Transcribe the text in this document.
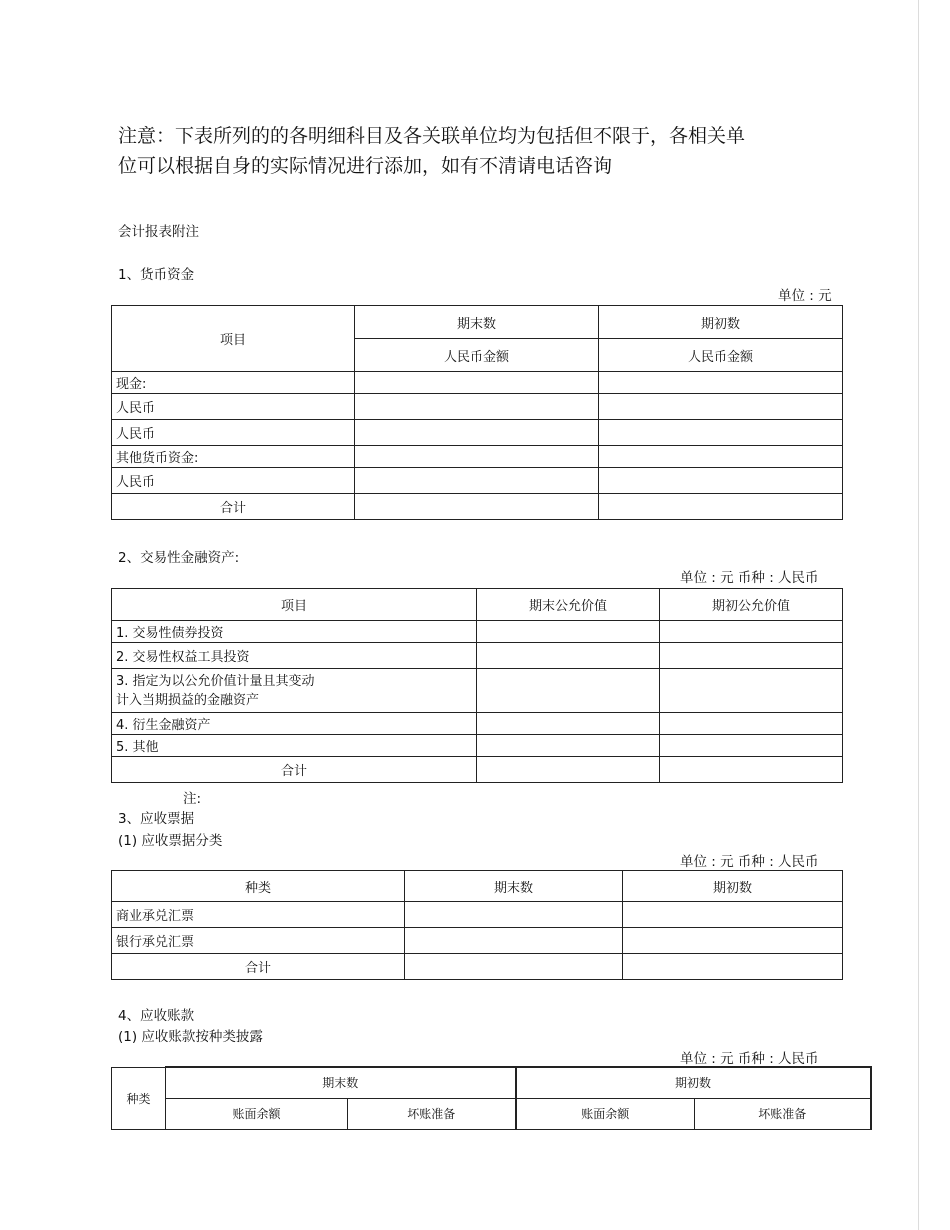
注意：下表所列的的各明细科目及各关联单位均为包括但不限于，各相关单
位可以根据自身的实际情况进行添加，如有不清请电话咨询
会计报表附注
1、货币资金
单位 : 元
项目	期末数	期初数
	人民币金额	人民币金额
现金:		
人民币		
人民币		
其他货币资金:		
人民币		
合计		
2、交易性金融资产:
单位 : 元 币种 : 人民币
项目	期末公允价值	期初公允价值
1. 交易性债券投资		
2. 交易性权益工具投资		
3. 指定为以公允价值计量且其变动计入当期损益的金融资产		
4. 衍生金融资产		
5. 其他		
合计		
注:
3、应收票据
(1) 应收票据分类
单位 : 元 币种 : 人民币
种类	期末数	期初数
商业承兑汇票		
银行承兑汇票		
合计		
4、应收账款
(1) 应收账款按种类披露
单位 : 元 币种 : 人民币
种类	期末数		期初数	
	账面余额	坏账准备	账面余额	坏账准备
